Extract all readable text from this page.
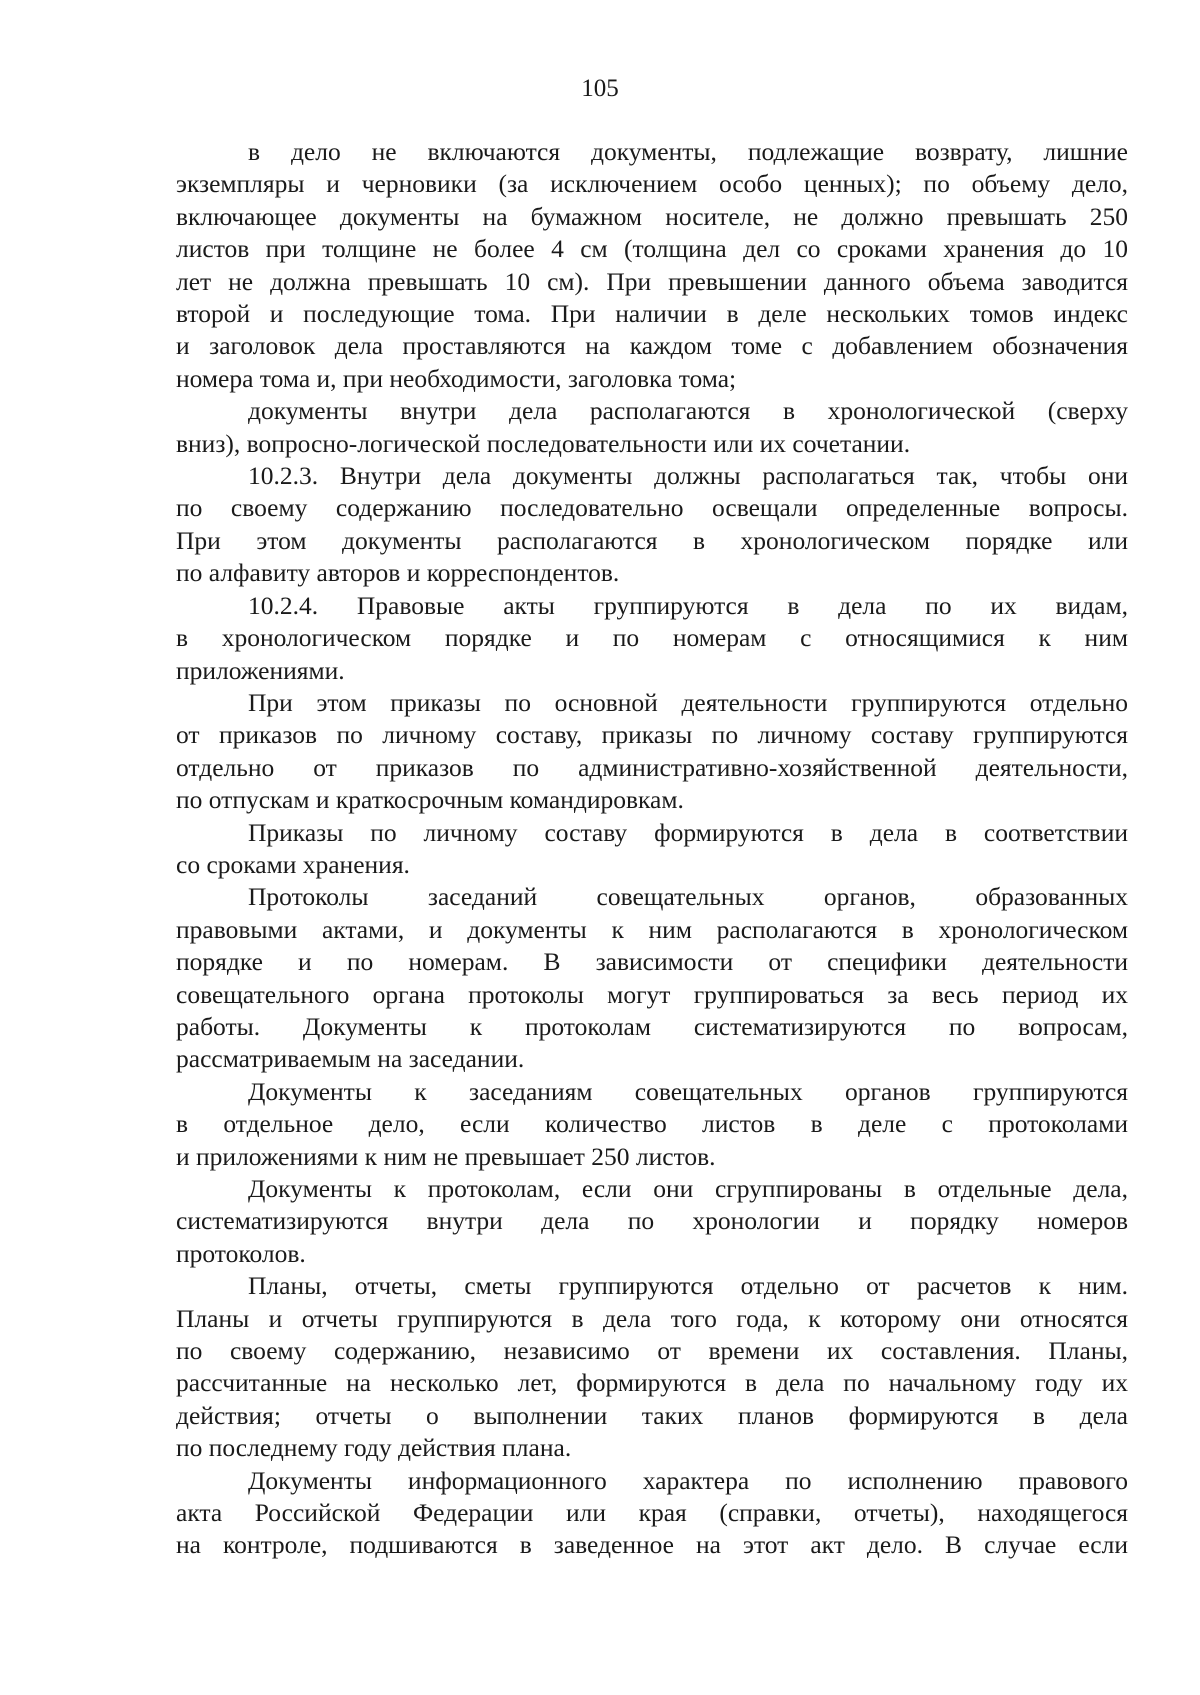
105
в дело не включаются документы, подлежащие возврату, лишние
экземпляры и черновики (за исключением особо ценных); по объему дело,
включающее документы на бумажном носителе, не должно превышать 250
листов при толщине не более 4 см (толщина дел со сроками хранения до 10
лет не должна превышать 10 см). При превышении данного объема заводится
второй и последующие тома. При наличии в деле нескольких томов индекс
и заголовок дела проставляются на каждом томе с добавлением обозначения
номера тома и, при необходимости, заголовка тома;
документы внутри дела располагаются в хронологической (сверху
вниз), вопросно-логической последовательности или их сочетании.
10.2.3. Внутри дела документы должны располагаться так, чтобы они
по своему содержанию последовательно освещали определенные вопросы.
При этом документы располагаются в хронологическом порядке или
по алфавиту авторов и корреспондентов.
10.2.4. Правовые акты группируются в дела по их видам,
в хронологическом порядке и по номерам с относящимися к ним
приложениями.
При этом приказы по основной деятельности группируются отдельно
от приказов по личному составу, приказы по личному составу группируются
отдельно от приказов по административно-хозяйственной деятельности,
по отпускам и краткосрочным командировкам.
Приказы по личному составу формируются в дела в соответствии
со сроками хранения.
Протоколы заседаний совещательных органов, образованных
правовыми актами, и документы к ним располагаются в хронологическом
порядке и по номерам. В зависимости от специфики деятельности
совещательного органа протоколы могут группироваться за весь период их
работы. Документы к протоколам систематизируются по вопросам,
рассматриваемым на заседании.
Документы к заседаниям совещательных органов группируются
в отдельное дело, если количество листов в деле с протоколами
и приложениями к ним не превышает 250 листов.
Документы к протоколам, если они сгруппированы в отдельные дела,
систематизируются внутри дела по хронологии и порядку номеров
протоколов.
Планы, отчеты, сметы группируются отдельно от расчетов к ним.
Планы и отчеты группируются в дела того года, к которому они относятся
по своему содержанию, независимо от времени их составления. Планы,
рассчитанные на несколько лет, формируются в дела по начальному году их
действия; отчеты о выполнении таких планов формируются в дела
по последнему году действия плана.
Документы информационного характера по исполнению правового
акта Российской Федерации или края (справки, отчеты), находящегося
на контроле, подшиваются в заведенное на этот акт дело. В случае если
